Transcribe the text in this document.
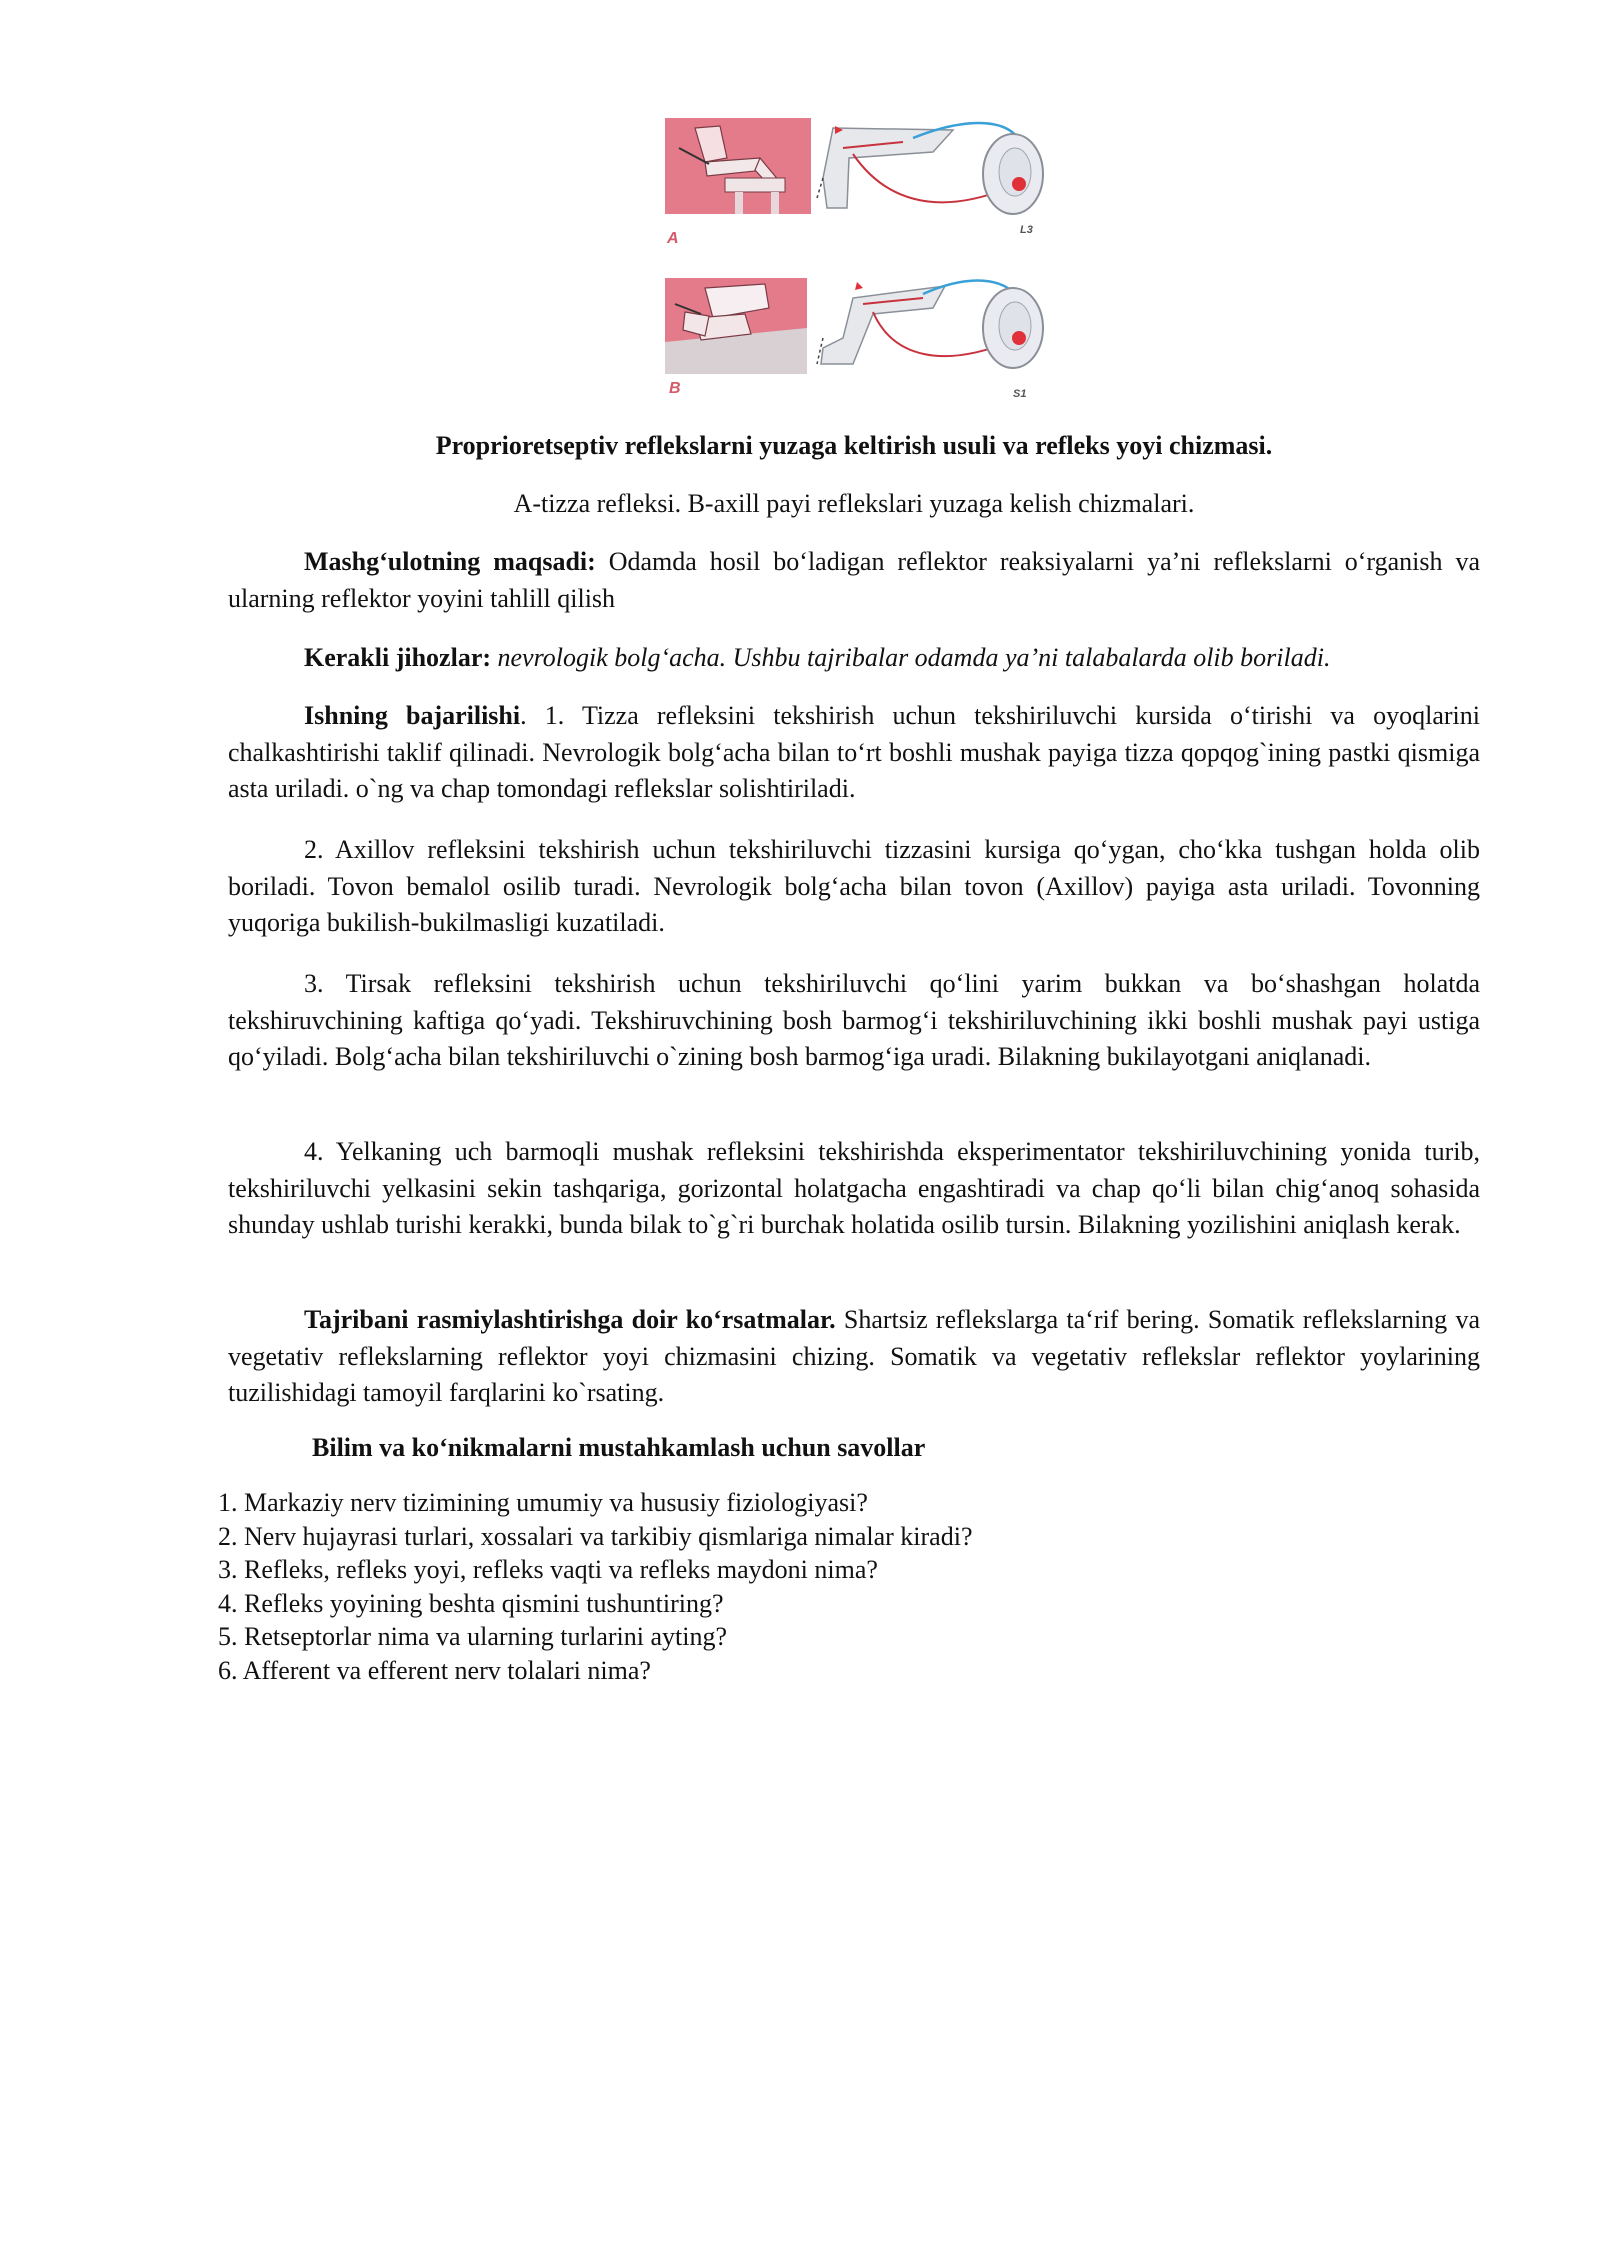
A	L3
B	S1
Proprioretseptiv reflekslarni yuzaga keltirish usuli va refleks yoyi chizmasi.
A-tizza refleksi. B-axill payi reflekslari yuzaga kelish chizmalari.
Mashg‘ulotning maqsadi: Odamda hosil bo‘ladigan reflektor reaksiyalarni ya’ni reflekslarni o‘rganish va ularning reflektor yoyini tahlill qilish
Kerakli jihozlar: nevrologik bolg‘acha. Ushbu tajribalar odamda ya’ni talabalarda olib boriladi.
Ishning bajarilishi. 1. Tizza refleksini tekshirish uchun tekshiriluvchi kursida o‘tirishi va oyoqlarini chalkashtirishi taklif qilinadi. Nevrologik bolg‘acha bilan to‘rt boshli mushak payiga tizza qopqog`ining pastki qismiga asta uriladi. o`ng va chap tomondagi reflekslar solishtiriladi.
2. Axillov refleksini tekshirish uchun tekshiriluvchi tizzasini kursiga qo‘ygan, cho‘kka tushgan holda olib boriladi. Tovon bemalol osilib turadi. Nevrologik bolg‘acha bilan tovon (Axillov) payiga asta uriladi. Tovonning yuqoriga bukilish-bukilmasligi kuzatiladi.
3. Tirsak refleksini tekshirish uchun tekshiriluvchi qo‘lini yarim bukkan va bo‘shashgan holatda tekshiruvchining kaftiga qo‘yadi. Tekshiruvchining bosh barmog‘i tekshiriluvchining ikki boshli mushak payi ustiga qo‘yiladi. Bolg‘acha bilan tekshiriluvchi o`zining bosh barmog‘iga uradi. Bilakning bukilayotgani aniqlanadi.
4. Yelkaning uch barmoqli mushak refleksini tekshirishda eksperimentator tekshiriluvchining yonida turib, tekshiriluvchi yelkasini sekin tashqariga, gorizontal holatgacha engashtiradi va chap qo‘li bilan chig‘anoq sohasida shunday ushlab turishi kerakki, bunda bilak to`g`ri burchak holatida osilib tursin. Bilakning yozilishini aniqlash kerak.
Tajribani rasmiylashtirishga doir ko‘rsatmalar. Shartsiz reflekslarga ta‘rif bering. Somatik reflekslarning va vegetativ reflekslarning reflektor yoyi chizmasini chizing. Somatik va vegetativ reflekslar reflektor yoylarining tuzilishidagi tamoyil farqlarini ko`rsating.
Bilim va ko‘nikmalarni mustahkamlash uchun savollar
1. Markaziy nerv tizimining umumiy va hususiy fiziologiyasi?
2. Nerv hujayrasi turlari, xossalari va tarkibiy qismlariga nimalar kiradi?
3. Refleks, refleks yoyi, refleks vaqti va refleks maydoni nima?
4. Refleks yoyining beshta qismini tushuntiring?
5. Retseptorlar nima va ularning turlarini ayting?
6. Afferent va efferent nerv tolalari nima?
